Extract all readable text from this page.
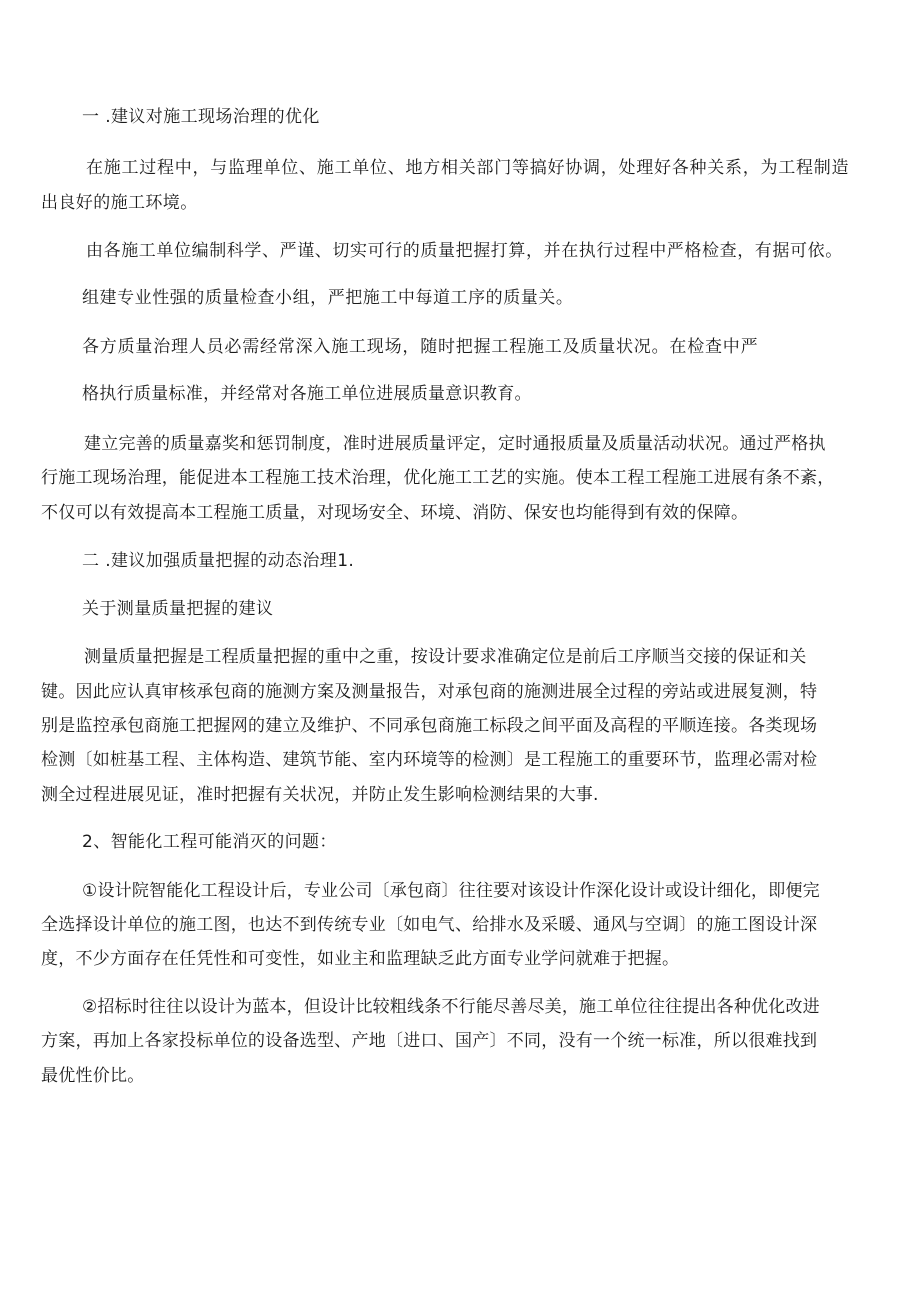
一 .建议对施工现场治理的优化
在施工过程中，与监理单位、施工单位、地方相关部门等搞好协调，处理好各种关系，为工程制造
出良好的施工环境。
由各施工单位编制科学、严谨、切实可行的质量把握打算，并在执行过程中严格检查，有据可依。
组建专业性强的质量检查小组，严把施工中每道工序的质量关。
各方质量治理人员必需经常深入施工现场，随时把握工程施工及质量状况。在检查中严
格执行质量标准，并经常对各施工单位进展质量意识教育。
建立完善的质量嘉奖和惩罚制度，准时进展质量评定，定时通报质量及质量活动状况。通过严格执
行施工现场治理，能促进本工程施工技术治理，优化施工工艺的实施。使本工程工程施工进展有条不紊，
不仅可以有效提高本工程施工质量，对现场安全、环境、消防、保安也均能得到有效的保障。
二 .建议加强质量把握的动态治理1.
关于测量质量把握的建议
测量质量把握是工程质量把握的重中之重，按设计要求准确定位是前后工序顺当交接的保证和关
键。因此应认真审核承包商的施测方案及测量报告，对承包商的施测进展全过程的旁站或进展复测，特
别是监控承包商施工把握网的建立及维护、不同承包商施工标段之间平面及高程的平顺连接。各类现场
检测〔如桩基工程、主体构造、建筑节能、室内环境等的检测〕是工程施工的重要环节，监理必需对检
测全过程进展见证，准时把握有关状况，并防止发生影响检测结果的大事.
2、智能化工程可能消灭的问题：
①设计院智能化工程设计后，专业公司〔承包商〕往往要对该设计作深化设计或设计细化，即便完
全选择设计单位的施工图，也达不到传统专业〔如电气、给排水及采暖、通风与空调〕的施工图设计深
度，不少方面存在任凭性和可变性，如业主和监理缺乏此方面专业学问就难于把握。
②招标时往往以设计为蓝本，但设计比较粗线条不行能尽善尽美，施工单位往往提出各种优化改进
方案，再加上各家投标单位的设备选型、产地〔进口、国产〕不同，没有一个统一标准，所以很难找到
最优性价比。
